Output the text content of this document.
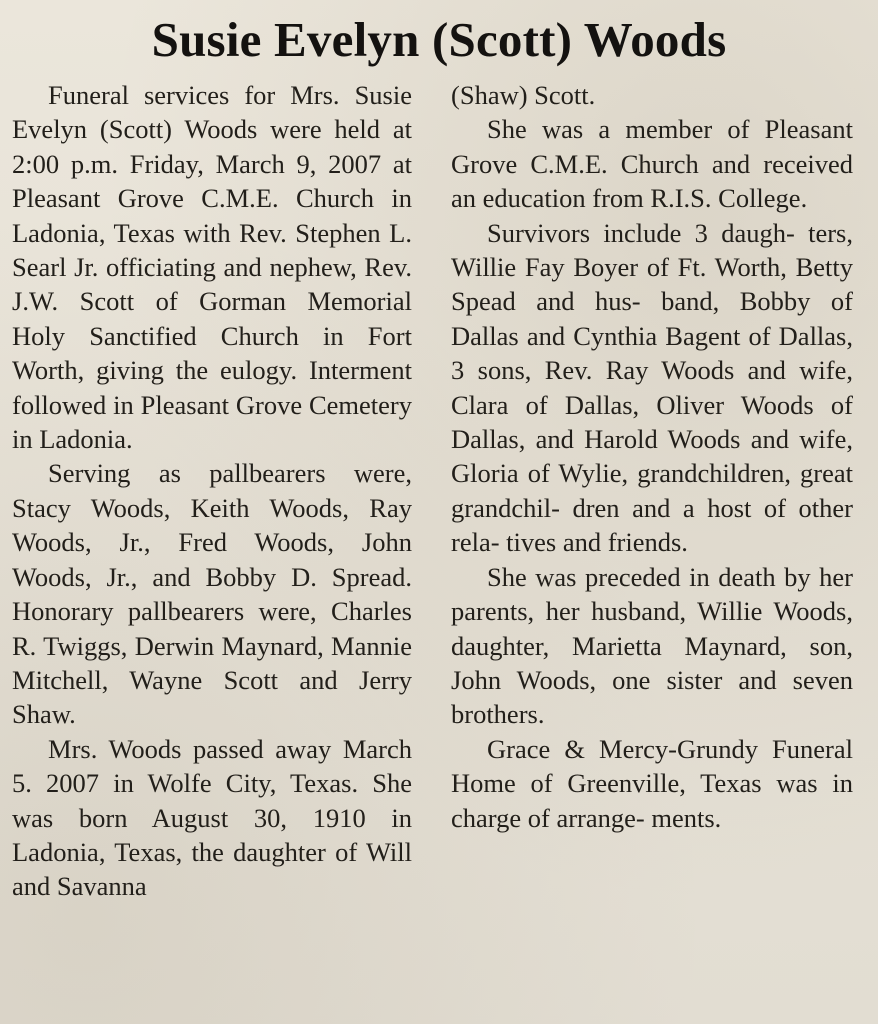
Susie Evelyn (Scott) Woods

Funeral services for Mrs. Susie Evelyn (Scott) Woods were held at 2:00 p.m. Friday, March 9, 2007 at Pleasant Grove C.M.E. Church in Ladonia, Texas with Rev. Stephen L. Searl Jr. officiating and nephew, Rev. J.W. Scott of Gorman Memorial Holy Sanctified Church in Fort Worth, giving the eulogy. Interment followed in Pleasant Grove Cemetery in Ladonia.

Serving as pallbearers were, Stacy Woods, Keith Woods, Ray Woods, Jr., Fred Woods, John Woods, Jr., and Bobby D. Spread. Honorary pallbearers were, Charles R. Twiggs, Derwin Maynard, Mannie Mitchell, Wayne Scott and Jerry Shaw.

Mrs. Woods passed away March 5. 2007 in Wolfe City, Texas. She was born August 30, 1910 in Ladonia, Texas, the daughter of Will and Savanna

(Shaw) Scott.

She was a member of Pleasant Grove C.M.E. Church and received an education from R.I.S. College.

Survivors include 3 daugh- ters, Willie Fay Boyer of Ft. Worth, Betty Spead and hus- band, Bobby of Dallas and Cynthia Bagent of Dallas, 3 sons, Rev. Ray Woods and wife, Clara of Dallas, Oliver Woods of Dallas, and Harold Woods and wife, Gloria of Wylie, grandchildren, great grandchil- dren and a host of other rela- tives and friends.

She was preceded in death by her parents, her husband, Willie Woods, daughter, Marietta Maynard, son, John Woods, one sister and seven brothers.

Grace & Mercy-Grundy Funeral Home of Greenville, Texas was in charge of arrange- ments.
